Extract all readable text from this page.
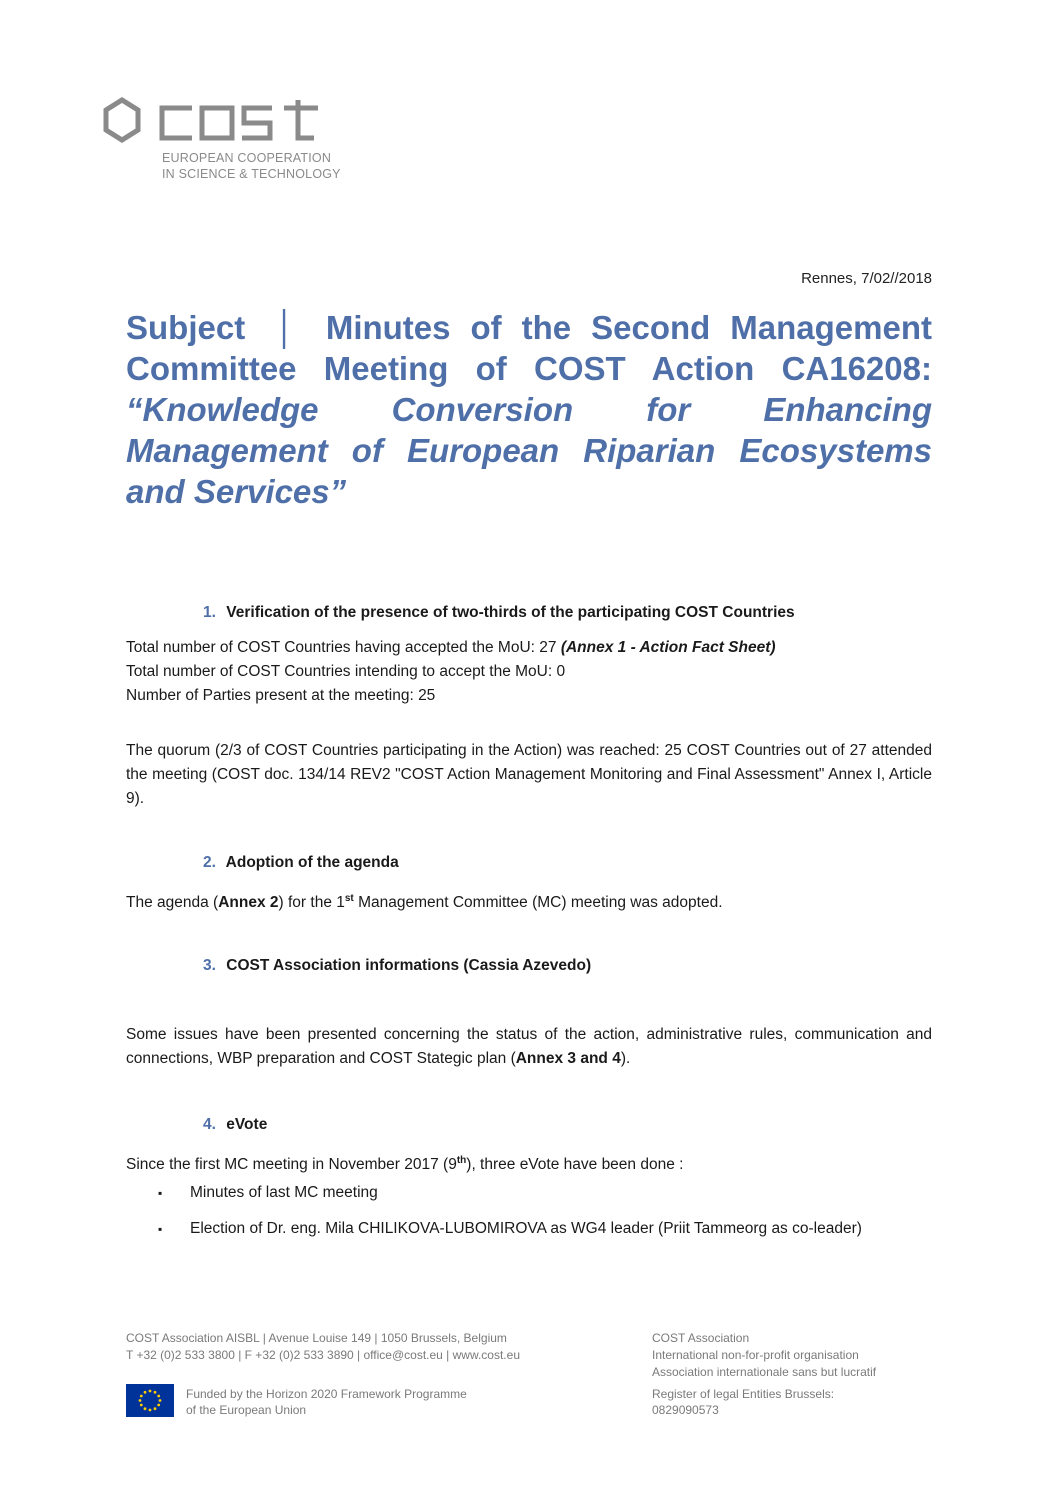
EUROPEAN COOPERATION
IN SCIENCE & TECHNOLOGY
Rennes, 7/02//2018
Subject │ Minutes of the Second Management Committee Meeting of COST Action CA16208: “Knowledge Conversion for Enhancing Management of European Riparian Ecosystems and Services”
1. Verification of the presence of two-thirds of the participating COST Countries
Total number of COST Countries having accepted the MoU: 27 (Annex 1 - Action Fact Sheet)
Total number of COST Countries intending to accept the MoU: 0
Number of Parties present at the meeting: 25
The quorum (2/3 of COST Countries participating in the Action) was reached: 25 COST Countries out of 27 attended the meeting (COST doc. 134/14 REV2 "COST Action Management Monitoring and Final Assessment" Annex I, Article 9).
2. Adoption of the agenda
The agenda (Annex 2) for the 1st Management Committee (MC) meeting was adopted.
3. COST Association informations (Cassia Azevedo)
Some issues have been presented concerning the status of the action, administrative rules, communication and connections, WBP preparation and COST Stategic plan (Annex 3 and 4).
4. eVote
Since the first MC meeting in November 2017 (9th), three eVote have been done :
▪	Minutes of last MC meeting
▪	Election of Dr. eng. Mila CHILIKOVA-LUBOMIROVA as WG4 leader (Priit Tammeorg as co-leader)
COST Association AISBL | Avenue Louise 149 | 1050 Brussels, Belgium
T +32 (0)2 533 3800 | F +32 (0)2 533 3890 | office@cost.eu | www.cost.eu
Funded by the Horizon 2020 Framework Programme
of the European Union
COST Association
International non-for-profit organisation
Association internationale sans but lucratif
Register of legal Entities Brussels:
0829090573
